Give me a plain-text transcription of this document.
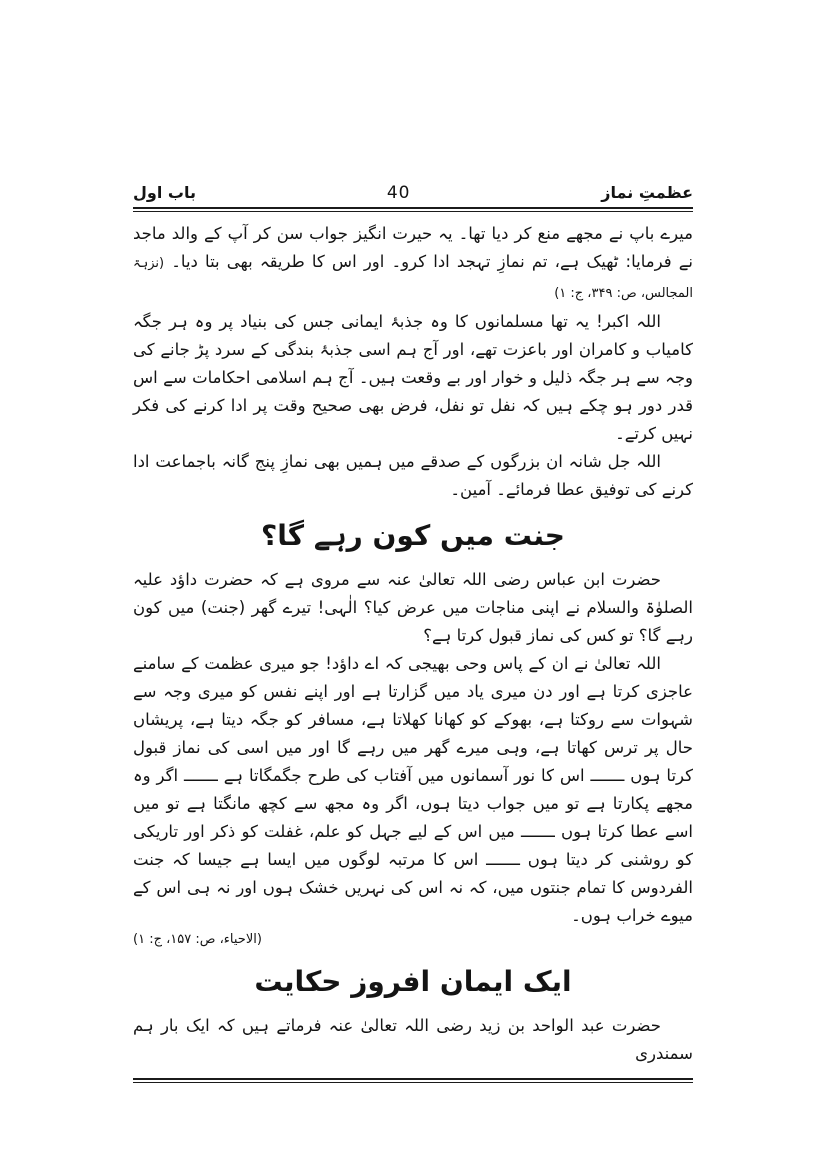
عظمتِ نماز
40
باب اول

میرے باپ نے مجھے منع کر دیا تھا۔ یہ حیرت انگیز جواب سن کر آپ کے والد ماجد نے فرمایا: ٹھیک ہے، تم نمازِ تہجد ادا کرو۔ اور اس کا طریقہ بھی بتا دیا۔ (نزہۃ المجالس، ص: ۳۴۹، ج: ۱)

اللہ اکبر! یہ تھا مسلمانوں کا وہ جذبۂ ایمانی جس کی بنیاد پر وہ ہر جگہ کامیاب و کامران اور باعزت تھے، اور آج ہم اسی جذبۂ بندگی کے سرد پڑ جانے کی وجہ سے ہر جگہ ذلیل و خوار اور بے وقعت ہیں۔ آج ہم اسلامی احکامات سے اس قدر دور ہو چکے ہیں کہ نفل تو نفل، فرض بھی صحیح وقت پر ادا کرنے کی فکر نہیں کرتے۔

اللہ جل شانہ ان بزرگوں کے صدقے میں ہمیں بھی نمازِ پنج گانہ باجماعت ادا کرنے کی توفیق عطا فرمائے۔ آمین۔

جنت میں کون رہے گا؟

حضرت ابن عباس رضی اللہ تعالیٰ عنہ سے مروی ہے کہ حضرت داؤد علیہ الصلوٰۃ والسلام نے اپنی مناجات میں عرض کیا؟ الٰہی! تیرے گھر (جنت) میں کون رہے گا؟ تو کس کی نماز قبول کرتا ہے؟

اللہ تعالیٰ نے ان کے پاس وحی بھیجی کہ اے داؤد! جو میری عظمت کے سامنے عاجزی کرتا ہے اور دن میری یاد میں گزارتا ہے اور اپنے نفس کو میری وجہ سے شہوات سے روکتا ہے، بھوکے کو کھانا کھلاتا ہے، مسافر کو جگہ دیتا ہے، پریشاں حال پر ترس کھاتا ہے، وہی میرے گھر میں رہے گا اور میں اسی کی نماز قبول کرتا ہوں ـــــــ اس کا نور آسمانوں میں آفتاب کی طرح جگمگاتا ہے ـــــــ اگر وہ مجھے پکارتا ہے تو میں جواب دیتا ہوں، اگر وہ مجھ سے کچھ مانگتا ہے تو میں اسے عطا کرتا ہوں ـــــــ میں اس کے لیے جہل کو علم، غفلت کو ذکر اور تاریکی کو روشنی کر دیتا ہوں ـــــــ اس کا مرتبہ لوگوں میں ایسا ہے جیسا کہ جنت الفردوس کا تمام جنتوں میں، کہ نہ اس کی نہریں خشک ہوں اور نہ ہی اس کے میوے خراب ہوں۔

(الاحیاء، ص: ۱۵۷، ج: ۱)

ایک ایمان افروز حکایت

حضرت عبد الواحد بن زید رضی اللہ تعالیٰ عنہ فرماتے ہیں کہ ایک بار ہم سمندری
